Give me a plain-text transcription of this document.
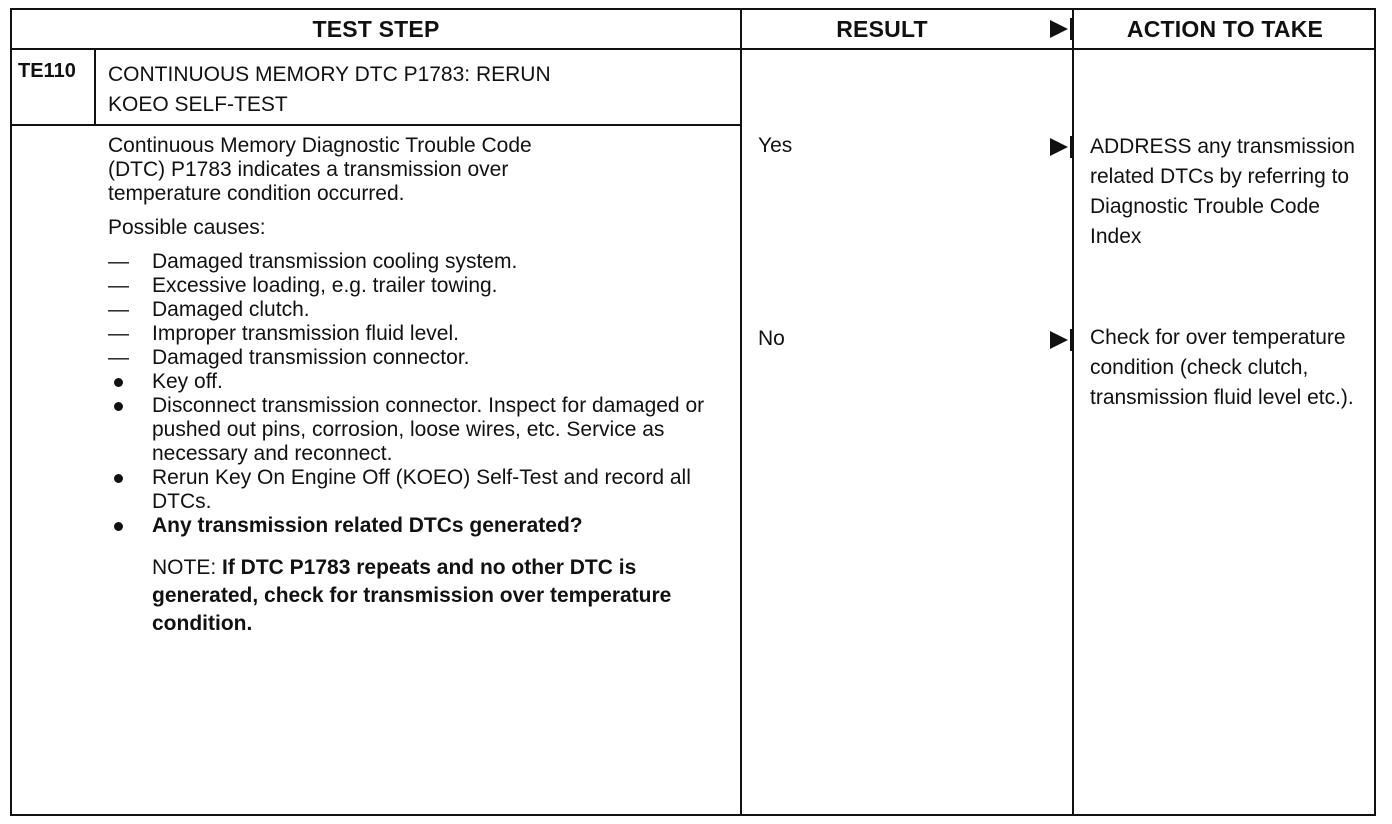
TEST STEP	RESULT	ACTION TO TAKE
TE110 CONTINUOUS MEMORY DTC P1783: RERUN
KOEO SELF-TEST

Continuous Memory Diagnostic Trouble Code
(DTC) P1783 indicates a transmission over
temperature condition occurred.

Possible causes:

— Damaged transmission cooling system.
— Excessive loading, e.g. trailer towing.
— Damaged clutch.
— Improper transmission fluid level.
— Damaged transmission connector.
Key off.
Disconnect transmission connector. Inspect for damaged or pushed out pins, corrosion, loose wires, etc. Service as necessary and reconnect.
Rerun Key On Engine Off (KOEO) Self-Test and record all DTCs.
Any transmission related DTCs generated?

NOTE: If DTC P1783 repeats and no other DTC is generated, check for transmission over temperature condition.

Yes	ADDRESS any transmission related DTCs by referring to Diagnostic Trouble Code Index
No	Check for over temperature condition (check clutch, transmission fluid level etc.).
